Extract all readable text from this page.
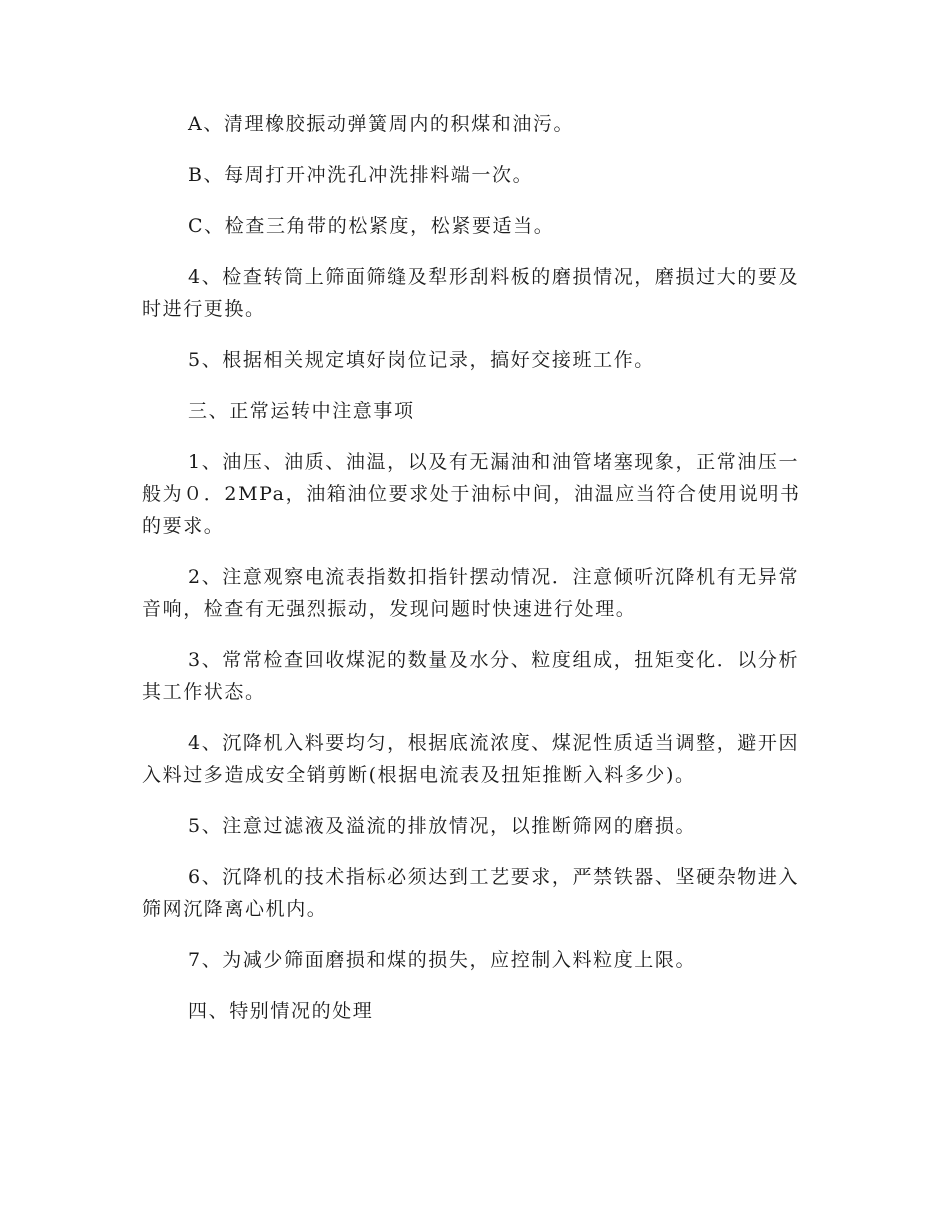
A、清理橡胶振动弹簧周内的积煤和油污。

B、每周打开冲洗孔冲洗排料端一次。

C、检查三角带的松紧度，松紧要适当。

4、检查转筒上筛面筛缝及犁形刮料板的磨损情况，磨损过大的要及时进行更换。

5、根据相关规定填好岗位记录，搞好交接班工作。

三、正常运转中注意事项

1、油压、油质、油温，以及有无漏油和油管堵塞现象，正常油压一般为０．2MPa，油箱油位要求处于油标中间，油温应当符合使用说明书的要求。

2、注意观察电流表指数扣指针摆动情况．注意倾听沉降机有无异常音响，检查有无强烈振动，发现问题时快速进行处理。

3、常常检查回收煤泥的数量及水分、粒度组成，扭矩变化．以分析其工作状态。

4、沉降机入料要均匀，根据底流浓度、煤泥性质适当调整，避开因入料过多造成安全销剪断(根据电流表及扭矩推断入料多少)。

5、注意过滤液及溢流的排放情况，以推断筛网的磨损。

6、沉降机的技术指标必须达到工艺要求，严禁铁器、坚硬杂物进入筛网沉降离心机内。

7、为减少筛面磨损和煤的损失，应控制入料粒度上限。

四、特别情况的处理
